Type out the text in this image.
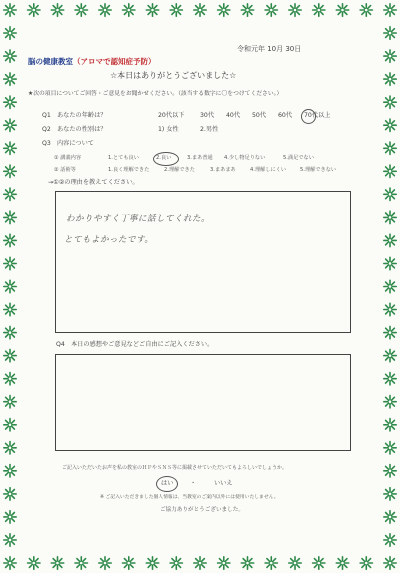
令和元年 10月 30日
脳の健康教室（アロマで認知症予防）
☆本日はありがとうございました☆
★次の項目についてご回答・ご意見をお聞かせください。（該当する数字に〇をつけてください。）
Q1　あなたの年齢は？	20代以下	30代 40代 50代 60代 70代以上
Q2　あなたの性別は？	1) 女性	2.男性
Q3　内容について
① 講義内容	1.とても良い	2.良い	3.まあ普通 4.少し物足りない	5.満足でない
② 話術等	1.良く理解できた	2.理解できた	3.まあまあ	4.理解しにくい	5.理解できない
→①②の理由を教えてください。
わかりやすく丁寧に話してくれた。
とてもよかったです。
Q4　本日の感想やご意見などご自由にご記入ください。
ご記入いただいたお声を私の教室のＨＰやＳＮＳ等に掲載させていただいてもよろしいでしょうか。
はい	・	いいえ
※ ご記入いただきました個人情報は、当教室のご案内以外には使用いたしません。
ご協力ありがとうございました。
